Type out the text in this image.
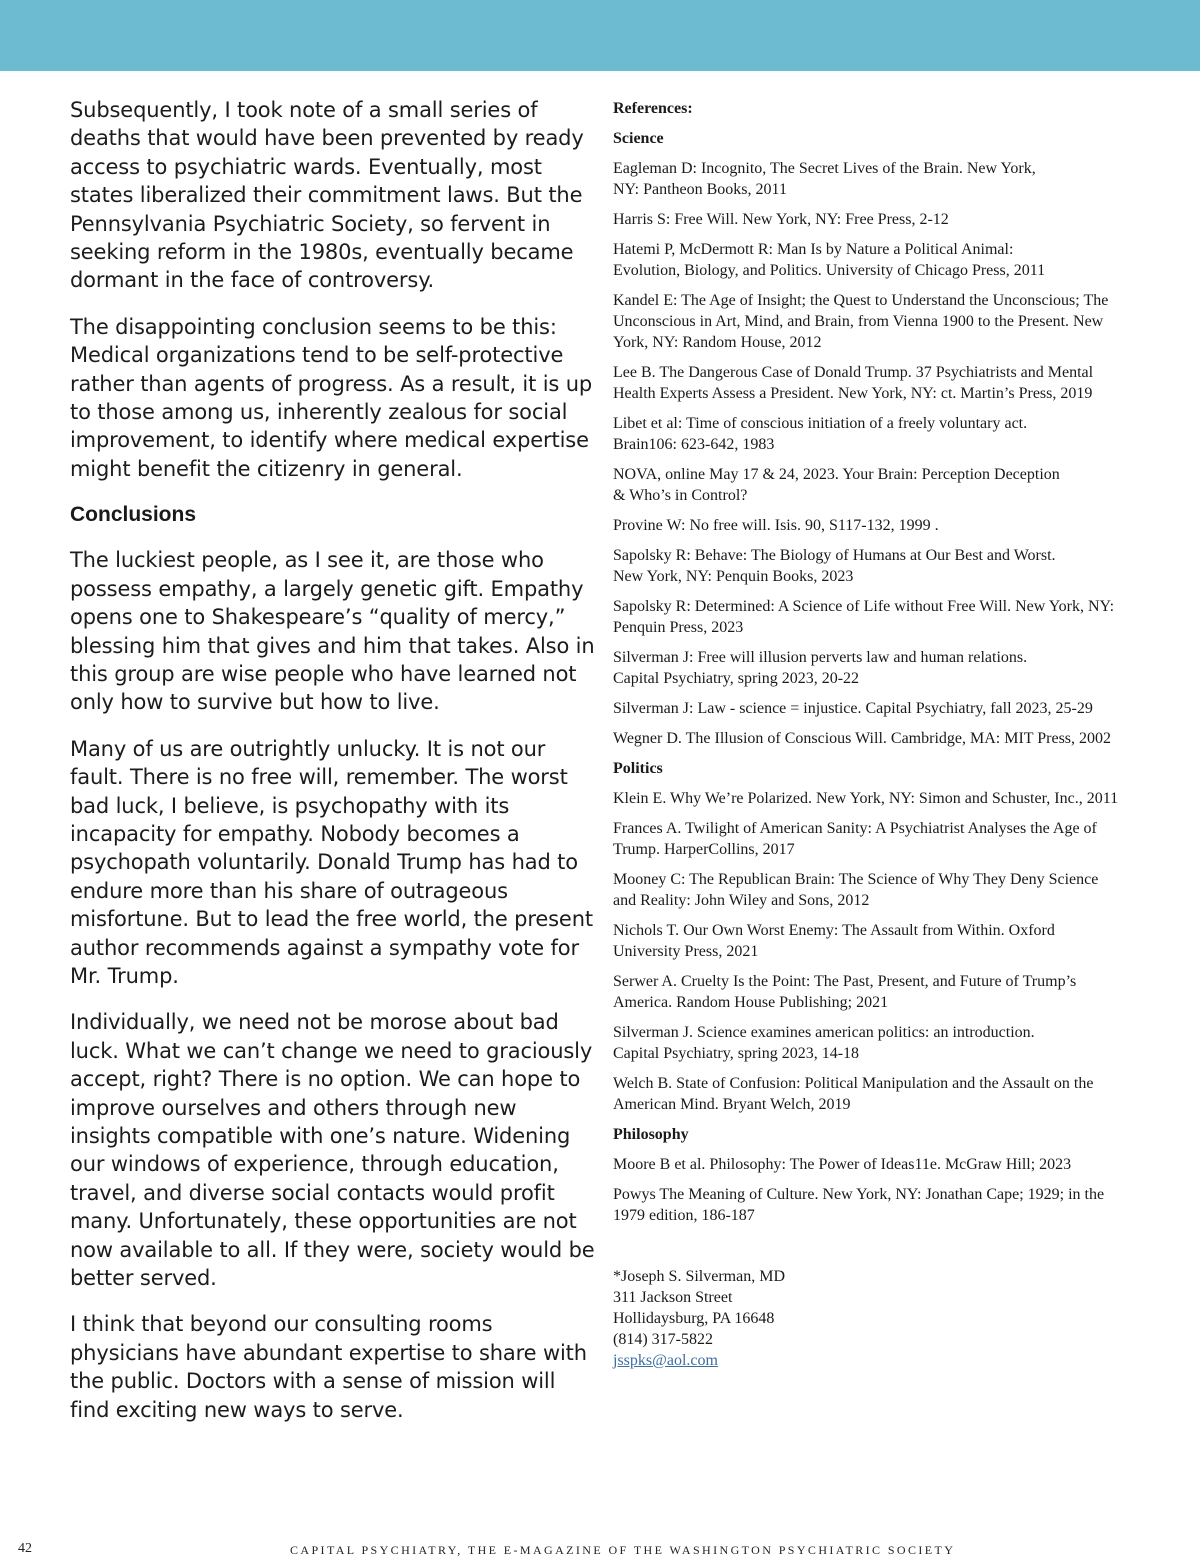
Subsequently, I took note of a small series of deaths that would have been prevented by ready access to psychiatric wards. Eventually, most states liberalized their commitment laws. But the Pennsylvania Psychiatric Society, so fervent in seeking reform in the 1980s, eventually became dormant in the face of controversy.

The disappointing conclusion seems to be this: Medical organizations tend to be self-protective rather than agents of progress. As a result, it is up to those among us, inherently zealous for social improvement, to identify where medical expertise might benefit the citizenry in general.

Conclusions

The luckiest people, as I see it, are those who possess empathy, a largely genetic gift. Empathy opens one to Shakespeare’s “quality of mercy,” blessing him that gives and him that takes. Also in this group are wise people who have learned not only how to survive but how to live.

Many of us are outrightly unlucky. It is not our fault. There is no free will, remember. The worst bad luck, I believe, is psychopathy with its incapacity for empathy. Nobody becomes a psychopath voluntarily. Donald Trump has had to endure more than his share of outrageous misfortune. But to lead the free world, the present author recommends against a sympathy vote for Mr. Trump.

Individually, we need not be morose about bad luck. What we can’t change we need to graciously accept, right? There is no option. We can hope to improve ourselves and others through new insights compatible with one’s nature. Widening our windows of experience, through education, travel, and diverse social contacts would profit many. Unfortunately, these opportunities are not now available to all. If they were, society would be better served.

I think that beyond our consulting rooms physicians have abundant expertise to share with the public. Doctors with a sense of mission will find exciting new ways to serve.

References:
Science
Eagleman D: Incognito, The Secret Lives of the Brain. New York,
NY: Pantheon Books, 2011
Harris S: Free Will. New York, NY: Free Press, 2-12
Hatemi P, McDermott R: Man Is by Nature a Political Animal:
Evolution, Biology, and Politics. University of Chicago Press, 2011
Kandel E: The Age of Insight; the Quest to Understand the Unconscious; The
Unconscious in Art, Mind, and Brain, from Vienna 1900 to the Present. New
York, NY: Random House, 2012
Lee B. The Dangerous Case of Donald Trump. 37 Psychiatrists and Mental
Health Experts Assess a President. New York, NY: ct. Martin’s Press, 2019
Libet et al: Time of conscious initiation of a freely voluntary act.
Brain106: 623-642, 1983
NOVA, online May 17 & 24, 2023. Your Brain: Perception Deception
& Who’s in Control?
Provine W: No free will. Isis. 90, S117-132, 1999 .
Sapolsky R: Behave: The Biology of Humans at Our Best and Worst.
New York, NY: Penquin Books, 2023
Sapolsky R: Determined: A Science of Life without Free Will. New York, NY:
Penquin Press, 2023
Silverman J: Free will illusion perverts law and human relations.
Capital Psychiatry, spring 2023, 20-22
Silverman J: Law - science = injustice. Capital Psychiatry, fall 2023, 25-29
Wegner D. The Illusion of Conscious Will. Cambridge, MA: MIT Press, 2002
Politics
Klein E. Why We’re Polarized. New York, NY: Simon and Schuster, Inc., 2011
Frances A. Twilight of American Sanity: A Psychiatrist Analyses the Age of
Trump. HarperCollins, 2017
Mooney C: The Republican Brain: The Science of Why They Deny Science
and Reality: John Wiley and Sons, 2012
Nichols T. Our Own Worst Enemy: The Assault from Within. Oxford
University Press, 2021
Serwer A. Cruelty Is the Point: The Past, Present, and Future of Trump’s
America. Random House Publishing; 2021
Silverman J. Science examines american politics: an introduction.
Capital Psychiatry, spring 2023, 14-18
Welch B. State of Confusion: Political Manipulation and the Assault on the
American Mind. Bryant Welch, 2019
Philosophy
Moore B et al. Philosophy: The Power of Ideas11e. McGraw Hill; 2023
Powys The Meaning of Culture. New York, NY: Jonathan Cape; 1929; in the
1979 edition, 186-187
*Joseph S. Silverman, MD
311 Jackson Street
Hollidaysburg, PA 16648
(814) 317-5822
jsspks@aol.com
42	CAPITAL PSYCHIATRY, THE E-MAGAZINE OF THE WASHINGTON PSYCHIATRIC SOCIETY
